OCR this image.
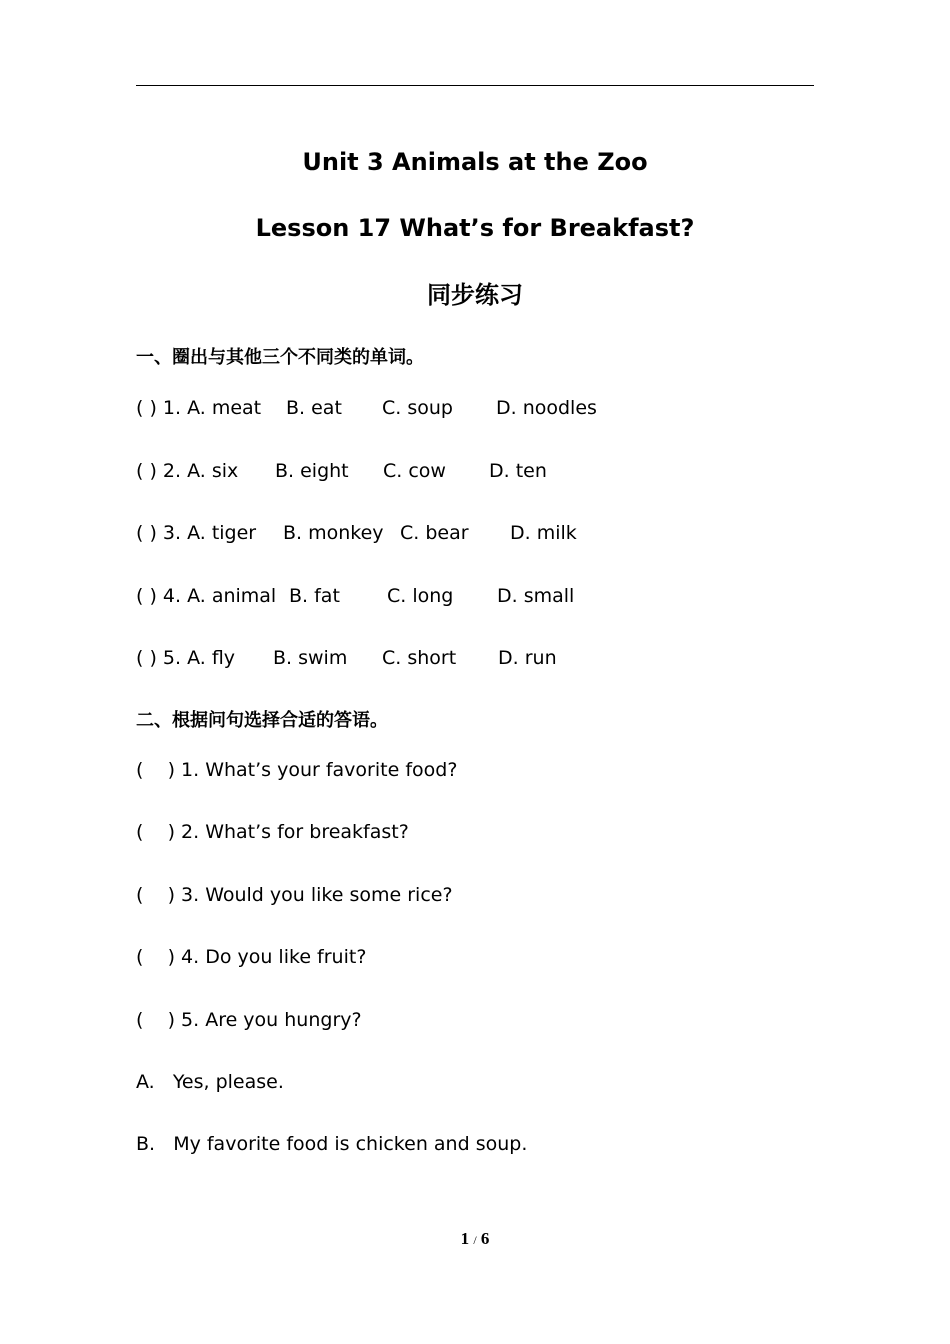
Unit 3 Animals at the Zoo
Lesson 17 What’s for Breakfast?
同步练习
一、圈出与其他三个不同类的单词。

( ) 1. A. meat

B. eat

C. soup

D. noodles

( ) 2. A. six

B. eight

C. cow

D. ten

( ) 3. A. tiger

B. monkey

C. bear

D. milk

( ) 4. A. animal

B. fat

C. long

D. small

( ) 5. A. fly

B. swim

C. short

D. run

二、根据问句选择合适的答语。
(    ) 1. What’s your favorite food?
(    ) 2. What’s for breakfast?
(    ) 3. Would you like some rice?
(    ) 4. Do you like fruit?
(    ) 5. Are you hungry?
A.   Yes, please.
B.   My favorite food is chicken and soup.
1 / 6
